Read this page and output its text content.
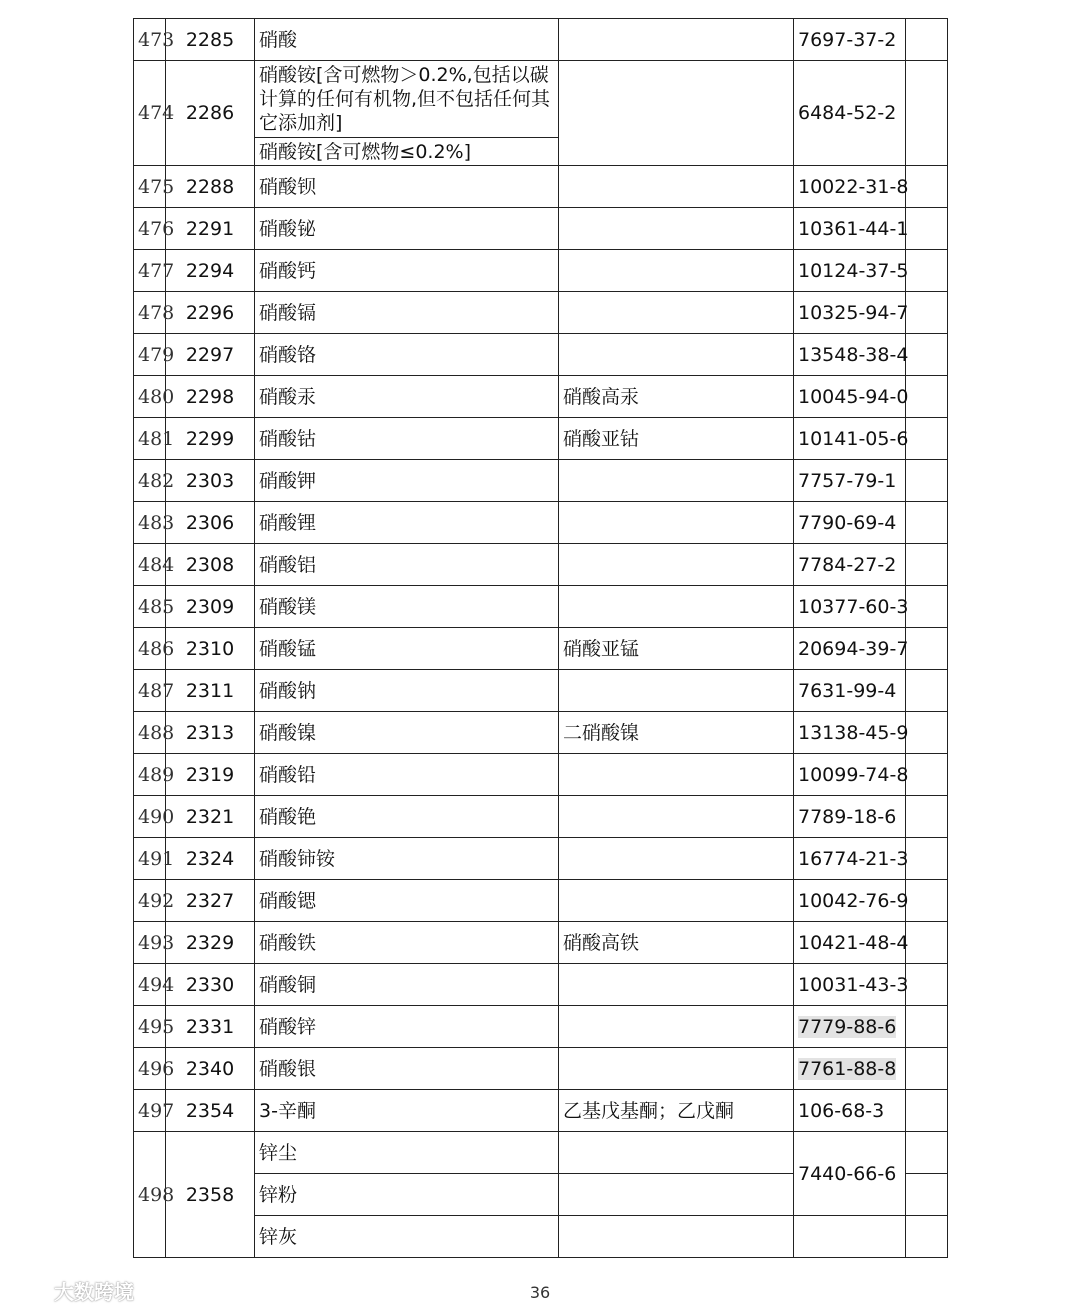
473	2285	硝酸		7697-37-2	
474	2286	硝酸铵[含可燃物＞0.2%,包括以碳计算的任何有机物,但不包括任何其它添加剂]		6484-52-2	
		硝酸铵[含可燃物≤0.2%]			
475	2288	硝酸钡		10022-31-8	
476	2291	硝酸铋		10361-44-1	
477	2294	硝酸钙		10124-37-5	
478	2296	硝酸镉		10325-94-7	
479	2297	硝酸铬		13548-38-4	
480	2298	硝酸汞	硝酸高汞	10045-94-0	
481	2299	硝酸钴	硝酸亚钴	10141-05-6	
482	2303	硝酸钾		7757-79-1	
483	2306	硝酸锂		7790-69-4	
484	2308	硝酸铝		7784-27-2	
485	2309	硝酸镁		10377-60-3	
486	2310	硝酸锰	硝酸亚锰	20694-39-7	
487	2311	硝酸钠		7631-99-4	
488	2313	硝酸镍	二硝酸镍	13138-45-9	
489	2319	硝酸铅		10099-74-8	
490	2321	硝酸铯		7789-18-6	
491	2324	硝酸铈铵		16774-21-3	
492	2327	硝酸锶		10042-76-9	
493	2329	硝酸铁	硝酸高铁	10421-48-4	
494	2330	硝酸铜		10031-43-3	
495	2331	硝酸锌		7779-88-6	
496	2340	硝酸银		7761-88-8	
497	2354	3-辛酮	乙基戊基酮；乙戊酮	106-68-3	
498	2358	锌尘		7440-66-6	
		锌粉			
		锌灰			
大数跨境	36
